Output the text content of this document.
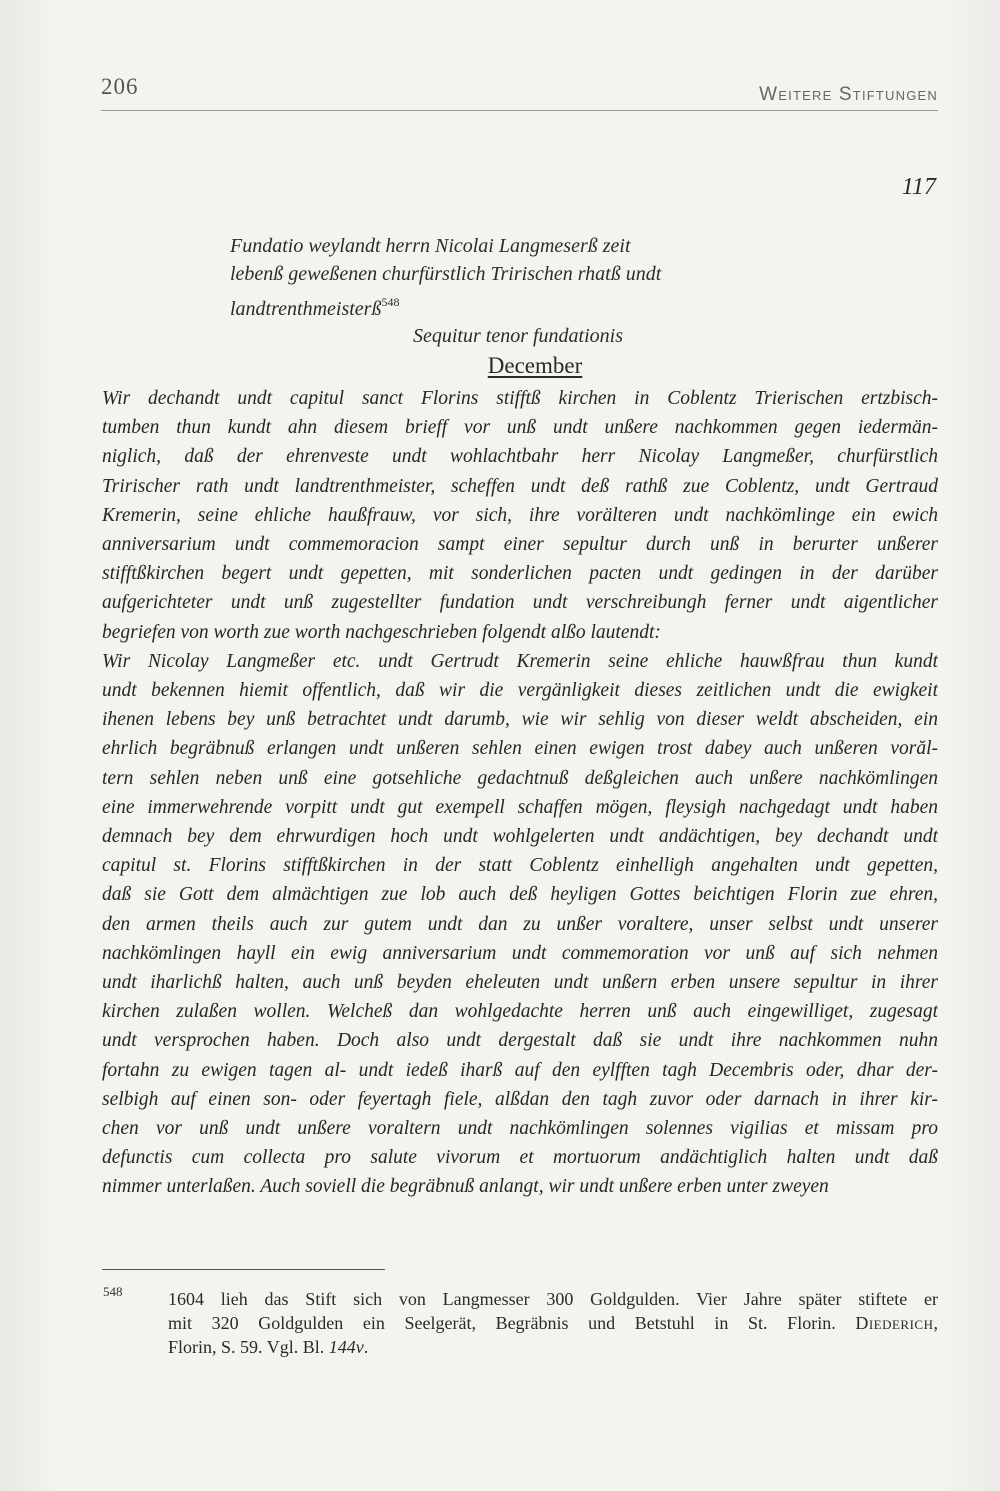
206	Weitere Stiftungen
117
Fundatio weylandt herrn Nicolai Langmeserß zeit
lebenß geweßenen churfürstlich Tririschen rhatß undt
landtrenthmeisterß$^{548}$
Sequitur tenor fundationis
December
Wir dechandt undt capitul sanct Florins stifftß kirchen in Coblentz Trierischen ertzbisch-
tumben thun kundt ahn diesem brieff vor unß undt unßere nachkommen gegen iedermän-
niglich, daß der ehrenveste undt wohlachtbahr herr Nicolay Langmeßer, churfürstlich
Tririscher rath undt landtrenthmeister, scheffen undt deß rathß zue Coblentz, undt Gertraud
Kremerin, seine ehliche haußfrauw, vor sich, ihre vorälteren undt nachkömlinge ein ewich
anniversarium undt commemoracion sampt einer sepultur durch unß in berurter unßerer
stifftßkirchen begert undt gepetten, mit sonderlichen pacten undt gedingen in der darüber
aufgerichteter undt unß zugestellter fundation undt verschreibungh ferner undt aigentlicher
begriefen von worth zue worth nachgeschrieben folgendt alßo lautendt:
Wir Nicolay Langmeßer etc. undt Gertrudt Kremerin seine ehliche hauwßfrau thun kundt
undt bekennen hiemit offentlich, daß wir die vergänligkeit dieses zeitlichen undt die ewigkeit
ihenen lebens bey unß betrachtet undt darumb, wie wir sehlig von dieser weldt abscheiden, ein
ehrlich begräbnuß erlangen undt unßeren sehlen einen ewigen trost dabey auch unßeren vorăl-
tern sehlen neben unß eine gotsehliche gedachtnuß deßgleichen auch unßere nachkömlingen
eine immerwehrende vorpitt undt gut exempell schaffen mögen, fleysigh nachgedagt undt haben
demnach bey dem ehrwurdigen hoch undt wohlgelerten undt andächtigen, bey dechandt undt
capitul st. Florins stifftßkirchen in der statt Coblentz einhelligh angehalten undt gepetten,
daß sie Gott dem almächtigen zue lob auch deß heyligen Gottes beichtigen Florin zue ehren,
den armen theils auch zur gutem undt dan zu unßer voraltere, unser selbst undt unserer
nachkömlingen hayll ein ewig anniversarium undt commemoration vor unß auf sich nehmen
undt iharlichß halten, auch unß beyden eheleuten undt unßern erben unsere sepultur in ihrer
kirchen zulaßen wollen. Welcheß dan wohlgedachte herren unß auch eingewilliget, zugesagt
undt versprochen haben. Doch also undt dergestalt daß sie undt ihre nachkommen nuhn
fortahn zu ewigen tagen al- undt iedeß iharß auf den eylfften tagh Decembris oder, dhar der-
selbigh auf einen son- oder feyertagh fiele, alßdan den tagh zuvor oder darnach in ihrer kir-
chen vor unß undt unßere voraltern undt nachkömlingen solennes vigilias et missam pro
defunctis cum collecta pro salute vivorum et mortuorum andächtiglich halten undt daß
nimmer unterlaßen. Auch soviell die begräbnuß anlangt, wir undt unßere erben unter zweyen
548	1604 lieh das Stift sich von Langmesser 300 Goldgulden. Vier Jahre später stiftete er
mit 320 Goldgulden ein Seelgerät, Begräbnis und Betstuhl in St. Florin. Diederich,
Florin, S. 59. Vgl. Bl. 144v.
